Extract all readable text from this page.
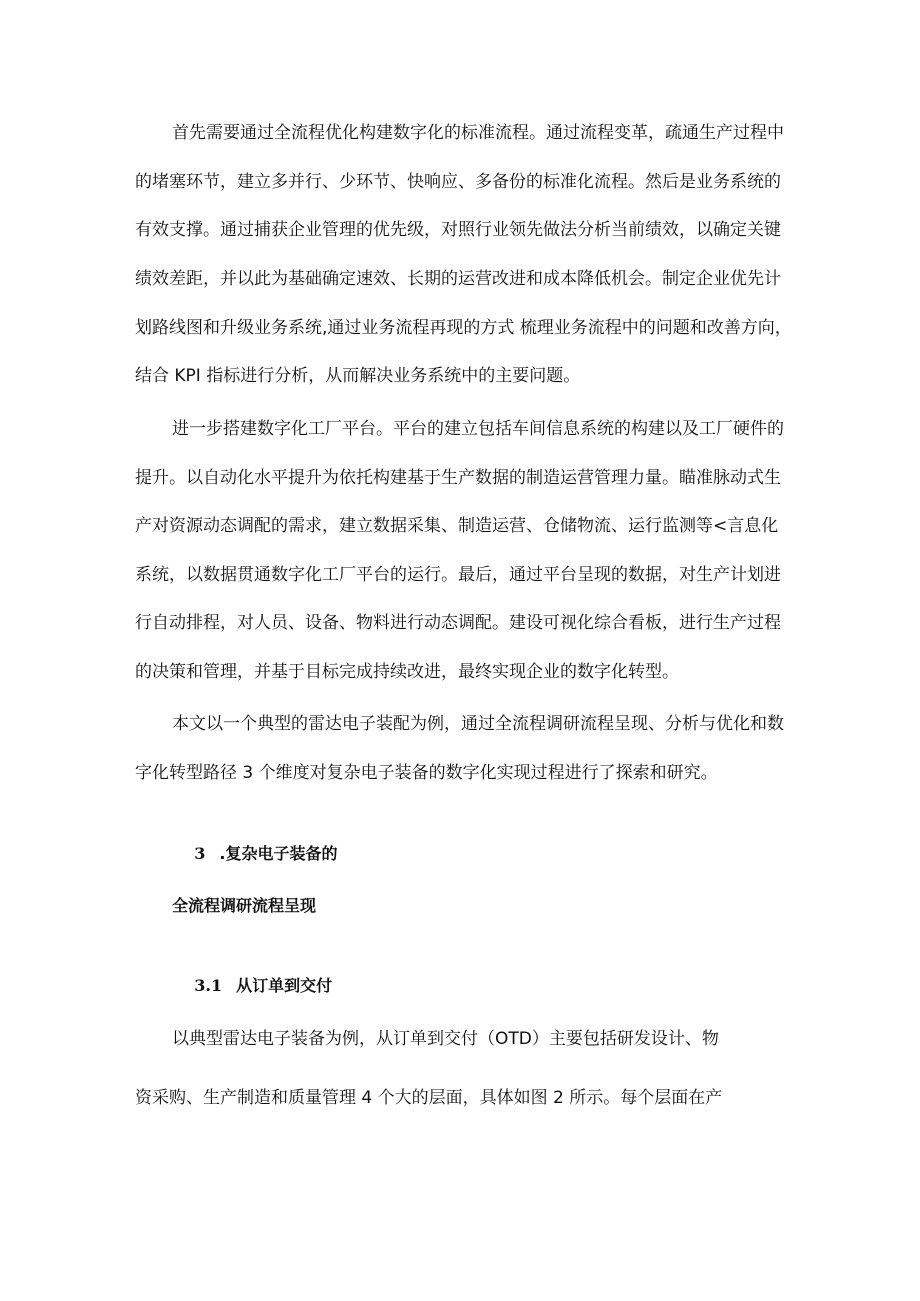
首先需要通过全流程优化构建数字化的标准流程。通过流程变革，疏通生产过程中
的堵塞环节，建立多并行、少环节、快响应、多备份的标准化流程。然后是业务系统的
有效支撑。通过捕获企业管理的优先级，对照行业领先做法分析当前绩效，以确定关键
绩效差距，并以此为基础确定速效、长期的运营改进和成本降低机会。制定企业优先计
划路线图和升级业务系统,通过业务流程再现的方式 梳理业务流程中的问题和改善方向，
结合 KPI 指标进行分析，从而解决业务系统中的主要问题。
进一步搭建数字化工厂平台。平台的建立包括车间信息系统的构建以及工厂硬件的
提升。以自动化水平提升为依托构建基于生产数据的制造运营管理力量。瞄准脉动式生
产对资源动态调配的需求，建立数据采集、制造运营、仓储物流、运行监测等<言息化
系统，以数据贯通数字化工厂平台的运行。最后，通过平台呈现的数据，对生产计划进
行自动排程，对人员、设备、物料进行动态调配。建设可视化综合看板，进行生产过程
的决策和管理，并基于目标完成持续改进，最终实现企业的数字化转型。
本文以一个典型的雷达电子装配为例，通过全流程调研流程呈现、分析与优化和数
字化转型路径 3 个维度对复杂电子装备的数字化实现过程进行了探索和研究。

3 .复杂电子装备的

全流程调研流程呈现

3.1 从订单到交付

以典型雷达电子装备为例，从订单到交付（OTD）主要包括研发设计、物
资采购、生产制造和质量管理 4 个大的层面，具体如图 2 所示。每个层面在产
